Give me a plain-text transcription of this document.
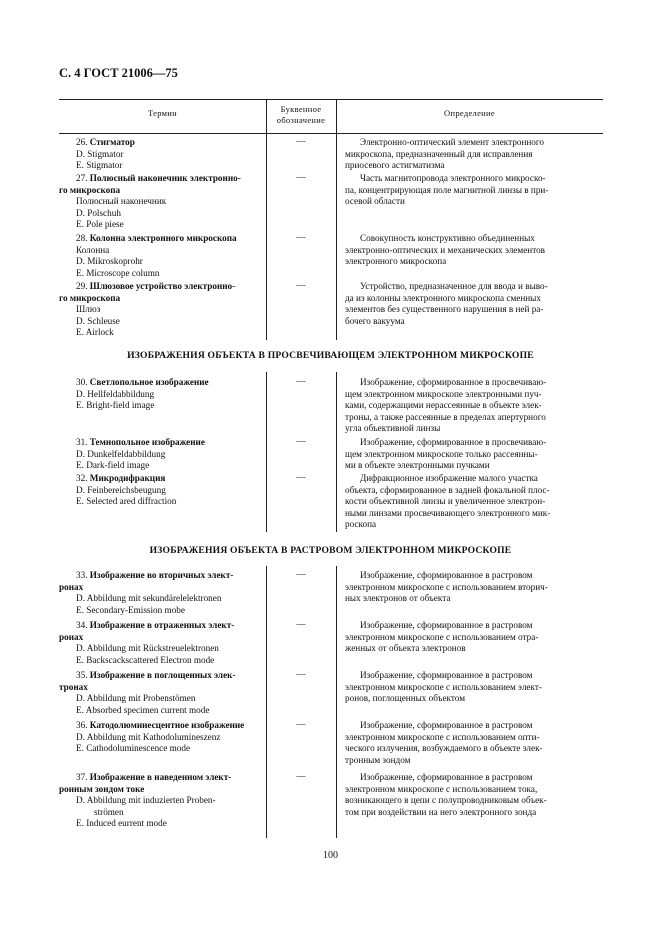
С. 4 ГОСТ 21006—75
Термин	Буквенное
обозначение
Определение
ИЗОБРАЖЕНИЯ ОБЪЕКТА В ПРОСВЕЧИВАЮЩЕМ ЭЛЕКТРОННОМ МИКРОСКОПЕ
ИЗОБРАЖЕНИЯ ОБЪЕКТА В РАСТРОВОМ ЭЛЕКТРОННОМ МИКРОСКОПЕ
26. Стигматор
D. Stigmator
E. Stigmator
—	Электронно-оптический элемент электронного
микроскопа, предназначенный для исправления
приосевого астигматизма
27. Полюсный наконечник электронно-
го микроскопа
Полюсный наконечник
D. Polschuh
E. Pole piese
—	Часть магнитопровода электронного микроско-
па, концентрирующая поле магнитной линзы в при-
осевой области
28. Колонна электронного микроскопа
Колонна
D. Mikroskoprohr
E. Microscope column
—	Совокупность конструктивно объединенных
электронно-оптических и механических элементов
электронного микроскопа
29. Шлюзовое устройство электронно-
го микроскопа
Шлюз
D. Schleuse
E. Airlock
—	Устройство, предназначенное для ввода и выво-
да из колонны электронного микроскопа сменных
элементов без существенного нарушения в ней ра-
бочего вакуума
30. Светлопольное изображение
D. Hellfeldabbildung
E. Bright-field image
—	Изображение, сформированное в просвечиваю-
щем электронном микроскопе электронными пуч-
ками, содержащими нерассеянные в объекте элек-
троны, а также рассеянные в пределах апертурного
угла объективной линзы
31. Темнопольное изображение
D. Dunkelfeldabbildung
E. Dark-field image
—	Изображение, сформированное в просвечиваю-
щем электронном микроскопе только рассеянны-
ми в объекте электронными пучками
32. Микродифракция
D. Feinbereichsbeugung
E. Selected ared diffraction
—	Дифракционное изображение малого участка
объекта, сформированное в задней фокальной плос-
кости объективной линзы и увеличенное электрон-
ными линзами просвечивающего электронного мик-
роскопа
33. Изображение во вторичных элект-
ронах
D. Abbildung mit sekundärelelektronen
E. Secondary-Emission mobe
—	Изображение, сформированное в растровом
электронном микроскопе с использованием вторич-
ных электронов от объекта
34. Изображение в отраженных элект-
ронах
D. Abbildung mit Rückstreuelektronen
E. Backscackscattered Electron mode
—	Изображение, сформированное в растровом
электронном микроскопе с использованием отра-
женных от объекта электронов
35. Изображение в поглощенных элек-
тронах
D. Abbildung mit Probenstömen
E. Absorbed specimen current mode
—	Изображение, сформированное в растровом
электронном микроскопе с использованием элект-
ронов, поглощенных объектом
36. Катодолюминесцентное изображение
D. Abbildung mit Kathodolumineszenz
E. Cathodoluminescence mode
—	Изображение, сформированное в растровом
электронном микроскопе с использованием опти-
ческого излучения, возбуждаемого в объекте элек-
тронным зондом
37. Изображение в наведенном элект-
ронным зондом токе
D. Abbildung mit induzierten Proben-
strömen
E. Induced eurrent mode
—	Изображение, сформированное в растровом
электронном микроскопе с использованием тока,
возникающего в цепи с полупроводниковым объек-
том при воздействии на него электронного зонда
100
